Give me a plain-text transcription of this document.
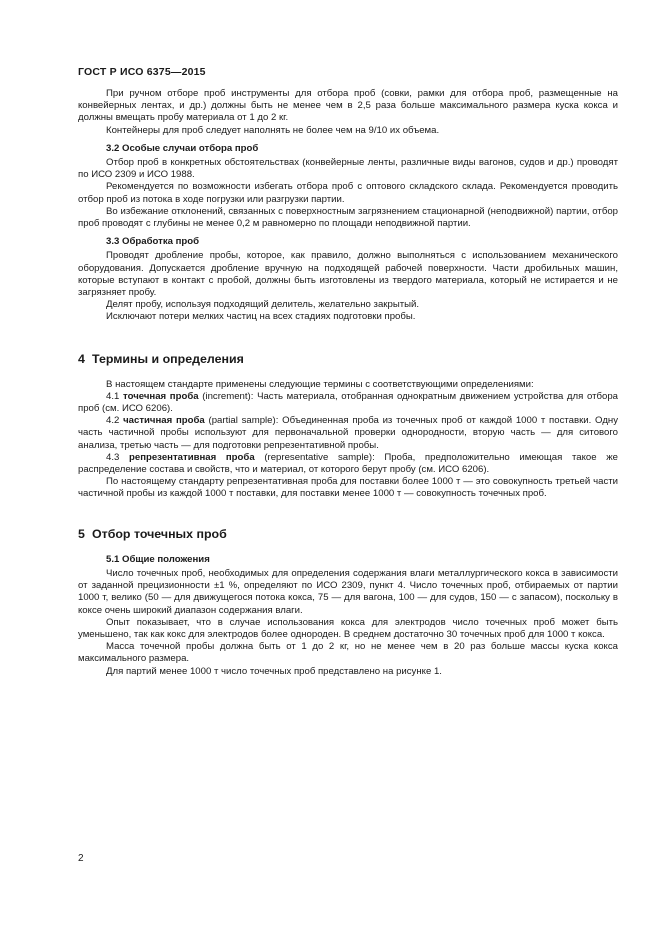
ГОСТ Р ИСО 6375—2015

При ручном отборе проб инструменты для отбора проб (совки, рамки для отбора проб, размещенные на конвейерных лентах, и др.) должны быть не менее чем в 2,5 раза больше максимального размера куска кокса и должны вмещать пробу материала от 1 до 2 кг.

Контейнеры для проб следует наполнять не более чем на 9/10 их объема.

3.2 Особые случаи отбора проб

Отбор проб в конкретных обстоятельствах (конвейерные ленты, различные виды вагонов, судов и др.) проводят по ИСО 2309 и ИСО 1988.

Рекомендуется по возможности избегать отбора проб с оптового складского склада. Рекомендуется проводить отбор проб из потока в ходе погрузки или разгрузки партии.

Во избежание отклонений, связанных с поверхностным загрязнением стационарной (неподвижной) партии, отбор проб проводят с глубины не менее 0,2 м равномерно по площади неподвижной партии.

3.3 Обработка проб

Проводят дробление пробы, которое, как правило, должно выполняться с использованием механического оборудования. Допускается дробление вручную на подходящей рабочей поверхности. Части дробильных машин, которые вступают в контакт с пробой, должны быть изготовлены из твердого материала, который не истирается и не загрязняет пробу.

Делят пробу, используя подходящий делитель, желательно закрытый.

Исключают потери мелких частиц на всех стадиях подготовки пробы.

4 Термины и определения

В настоящем стандарте применены следующие термины с соответствующими определениями:

4.1 точечная проба (increment): Часть материала, отобранная однократным движением устройства для отбора проб (см. ИСО 6206).

4.2 частичная проба (partial sample): Объединенная проба из точечных проб от каждой 1000 т поставки. Одну часть частичной пробы используют для первоначальной проверки однородности, вторую часть — для ситового анализа, третью часть — для подготовки репрезентативной пробы.

4.3 репрезентативная проба (representative sample): Проба, предположительно имеющая такое же распределение состава и свойств, что и материал, от которого берут пробу (см. ИСО 6206).

По настоящему стандарту репрезентативная проба для поставки более 1000 т — это совокупность третьей части частичной пробы из каждой 1000 т поставки, для поставки менее 1000 т — совокупность точечных проб.

5 Отбор точечных проб

5.1 Общие положения

Число точечных проб, необходимых для определения содержания влаги металлургического кокса в зависимости от заданной прецизионности ±1 %, определяют по ИСО 2309, пункт 4. Число точечных проб, отбираемых от партии 1000 т, велико (50 — для движущегося потока кокса, 75 — для вагона, 100 — для судов, 150 — с запасом), поскольку в коксе очень широкий диапазон содержания влаги.

Опыт показывает, что в случае использования кокса для электродов число точечных проб может быть уменьшено, так как кокс для электродов более однороден. В среднем достаточно 30 точечных проб для 1000 т кокса.

Масса точечной пробы должна быть от 1 до 2 кг, но не менее чем в 20 раз больше массы куска кокса максимального размера.

Для партий менее 1000 т число точечных проб представлено на рисунке 1.

2
